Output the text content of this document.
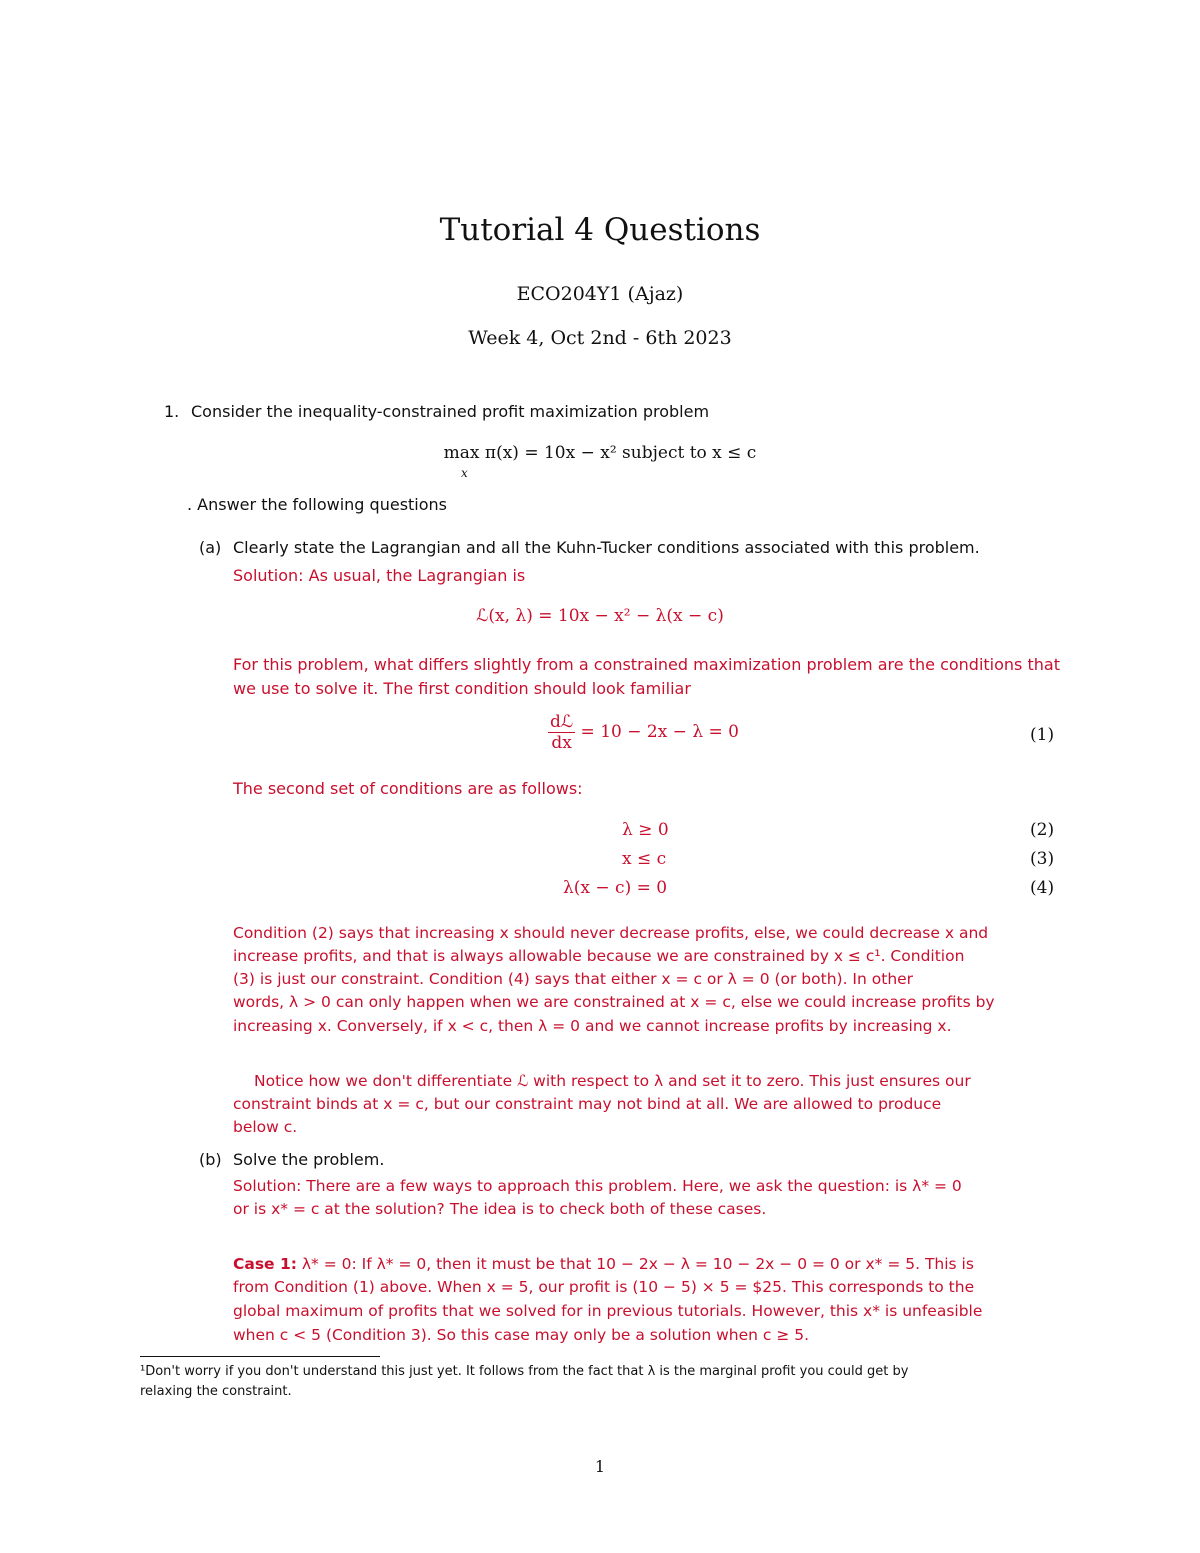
Tutorial 4 Questions
ECO204Y1 (Ajaz)
Week 4, Oct 2nd - 6th 2023
1. Consider the inequality-constrained profit maximization problem
max π(x) = 10x − x² subject to x ≤ c
x
. Answer the following questions
(a) Clearly state the Lagrangian and all the Kuhn-Tucker conditions associated with this problem.
Solution: As usual, the Lagrangian is
ℒ(x, λ) = 10x − x² − λ(x − c)
For this problem, what differs slightly from a constrained maximization problem are the conditions that we use to solve it. The first condition should look familiar
$\frac{\text{dℒ}}{dx} = 10 - 2x - \lambda = 0$	(1)
The second set of conditions are as follows:
λ ≥ 0	(2)
x ≤ c	(3)
λ(x − c) = 0	(4)
Condition (2) says that increasing x should never decrease profits, else, we could decrease x and
increase profits, and that is always allowable because we are constrained by x ≤ c¹. Condition
(3) is just our constraint. Condition (4) says that either x = c or λ = 0 (or both). In other
words, λ > 0 can only happen when we are constrained at x = c, else we could increase profits by
increasing x. Conversely, if x < c, then λ = 0 and we cannot increase profits by increasing x.
Notice how we don't differentiate ℒ with respect to λ and set it to zero. This just ensures our
constraint binds at x = c, but our constraint may not bind at all. We are allowed to produce
below c.
(b) Solve the problem.
Solution: There are a few ways to approach this problem. Here, we ask the question: is λ* = 0
or is x* = c at the solution? The idea is to check both of these cases.
Case 1: λ* = 0: If λ* = 0, then it must be that 10 − 2x − λ = 10 − 2x − 0 = 0 or x* = 5. This is
from Condition (1) above. When x = 5, our profit is (10 − 5) × 5 = $25. This corresponds to the
global maximum of profits that we solved for in previous tutorials. However, this x* is unfeasible
when c < 5 (Condition 3). So this case may only be a solution when c ≥ 5.
¹Don't worry if you don't understand this just yet. It follows from the fact that λ is the marginal profit you could get by
relaxing the constraint.
1
